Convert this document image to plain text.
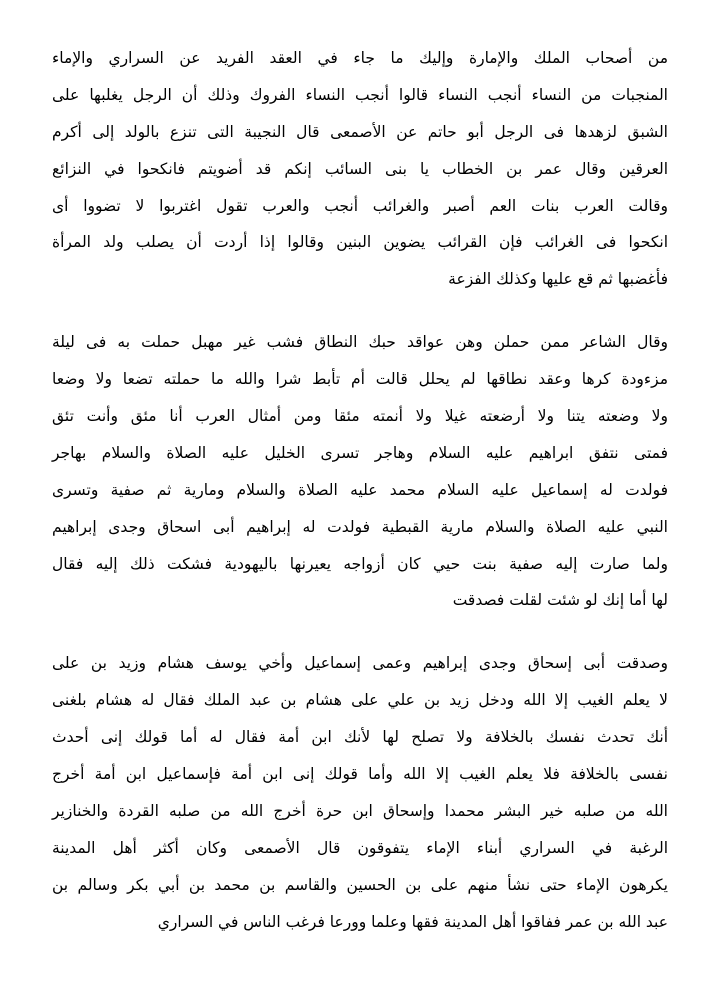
من أصحاب الملك والإمارة وإليك ما جاء في العقد الفريد عن السراري والإماء
المنجبات من النساء أنجب النساء قالوا أنجب النساء الفروك وذلك أن الرجل يغلبها على
الشبق لزهدها فى الرجل أبو حاتم عن الأصمعى قال النجيبة التى تنزع بالولد إلى أكرم
العرقين وقال عمر بن الخطاب يا بنى السائب إنكم قد أضويتم فانكحوا في النزائع
وقالت العرب بنات العم أصبر والغرائب أنجب والعرب تقول اغتربوا لا تضووا أى
انكحوا فى الغرائب فإن القرائب يضوين البنين وقالوا إذا أردت أن يصلب ولد المرأة
فأغضبها ثم قع عليها وكذلك الفزعة
وقال الشاعر ممن حملن وهن عواقد حبك النطاق فشب غير مهبل حملت به فى ليلة
مزءودة كرها وعقد نطاقها لم يحلل قالت أم تأبط شرا والله ما حملته تضعا ولا وضعا
ولا وضعته يتنا ولا أرضعته غيلا ولا أنمته مئقا ومن أمثال العرب أنا مئق وأنت تئق
فمتى نتفق ابراهيم عليه السلام وهاجر تسرى الخليل عليه الصلاة والسلام بهاجر
فولدت له إسماعيل عليه السلام محمد عليه الصلاة والسلام ومارية ثم صفية وتسرى
النبي عليه الصلاة والسلام مارية القبطية فولدت له إبراهيم أبى اسحاق وجدى إبراهيم
ولما صارت إليه صفية بنت حيي كان أزواجه يعيرنها باليهودية فشكت ذلك إليه فقال
لها أما إنك لو شئت لقلت فصدقت
وصدقت أبى إسحاق وجدى إبراهيم وعمى إسماعيل وأخي يوسف هشام وزيد بن على
لا يعلم الغيب إلا الله ودخل زيد بن علي على هشام بن عبد الملك فقال له هشام بلغنى
أنك تحدث نفسك بالخلافة ولا تصلح لها لأنك ابن أمة فقال له أما قولك إنى أحدث
نفسى بالخلافة فلا يعلم الغيب إلا الله وأما قولك إنى ابن أمة فإسماعيل ابن أمة أخرج
الله من صلبه خير البشر محمدا وإسحاق ابن حرة أخرج الله من صلبه القردة والخنازير
الرغبة في السراري أبناء الإماء يتفوقون قال الأصمعى وكان أكثر أهل المدينة
يكرهون الإماء حتى نشأ منهم على بن الحسين والقاسم بن محمد بن أبي بكر وسالم بن
عبد الله بن عمر ففاقوا أهل المدينة فقها وعلما وورعا فرغب الناس في السراري
